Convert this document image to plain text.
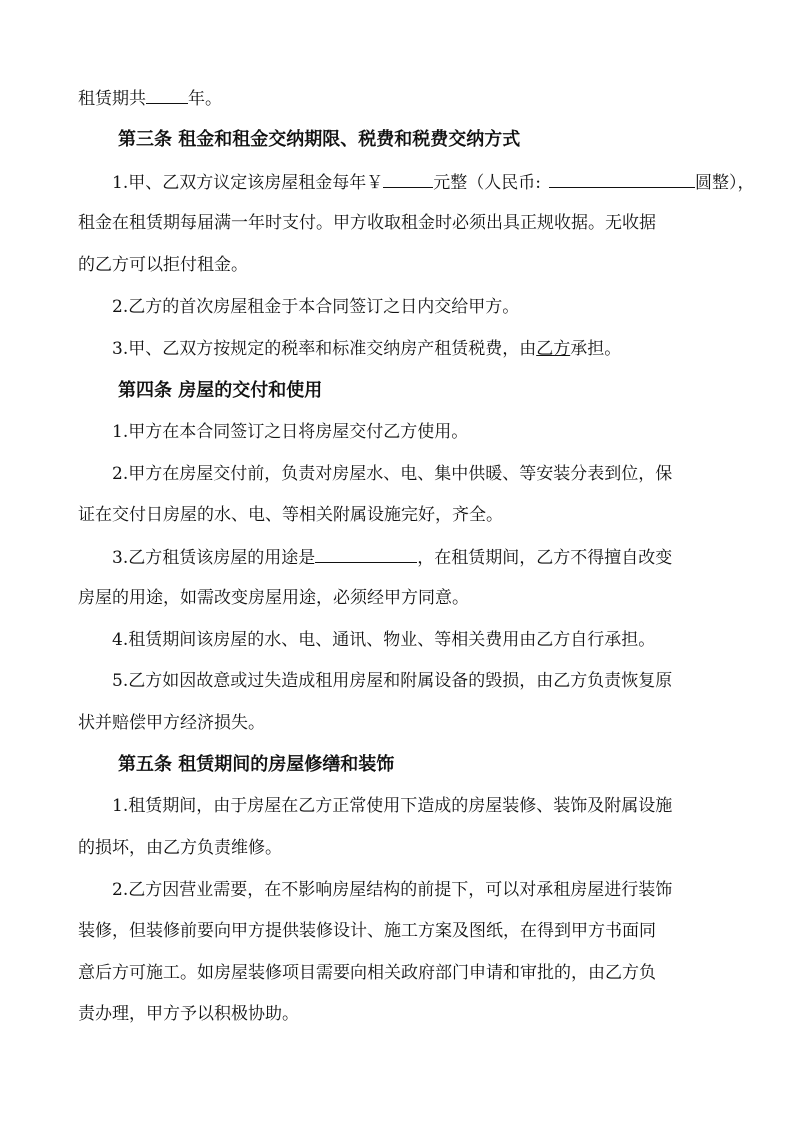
租赁期共 年。
第三条 租金和租金交纳期限、税费和税费交纳方式
1.甲、乙双方议定该房屋租金每年￥	元整（人民币:	圆整），
租金在租赁期每届满一年时支付。甲方收取租金时必须出具正规收据。无收据
的乙方可以拒付租金。
2.乙方的首次房屋租金于本合同签订之日内交给甲方。
3.甲、乙双方按规定的税率和标准交纳房产租赁税费，由乙方承担。
第四条 房屋的交付和使用
1.甲方在本合同签订之日将房屋交付乙方使用。
2.甲方在房屋交付前，负责对房屋水、电、集中供暖、等安装分表到位，保
证在交付日房屋的水、电、等相关附属设施完好，齐全。
3.乙方租赁该房屋的用途是	，在租赁期间，乙方不得擅自改变
房屋的用途，如需改变房屋用途，必须经甲方同意。
4.租赁期间该房屋的水、电、通讯、物业、等相关费用由乙方自行承担。
5.乙方如因故意或过失造成租用房屋和附属设备的毁损，由乙方负责恢复原
状并赔偿甲方经济损失。
第五条 租赁期间的房屋修缮和装饰
1.租赁期间，由于房屋在乙方正常使用下造成的房屋装修、装饰及附属设施
的损坏，由乙方负责维修。
2.乙方因营业需要，在不影响房屋结构的前提下，可以对承租房屋进行装饰
装修，但装修前要向甲方提供装修设计、施工方案及图纸，在得到甲方书面同
意后方可施工。如房屋装修项目需要向相关政府部门申请和审批的，由乙方负
责办理，甲方予以积极协助。
